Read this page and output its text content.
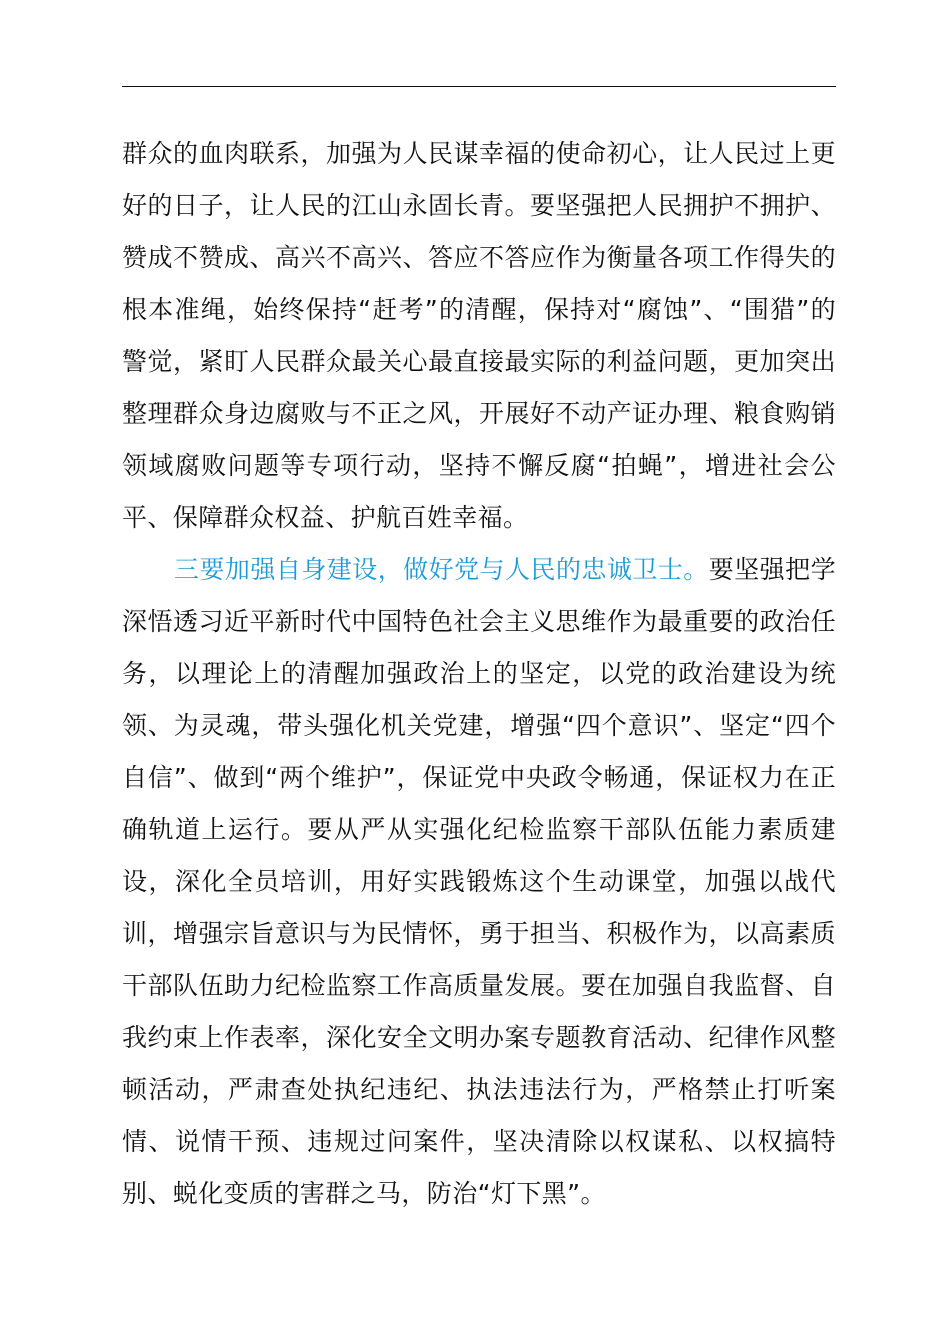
群众的血肉联系，加强为人民谋幸福的使命初心，让人民过上更好的日子，让人民的江山永固长青。要坚强把人民拥护不拥护、赞成不赞成、高兴不高兴、答应不答应作为衡量各项工作得失的根本准绳，始终保持“赶考”的清醒，保持对“腐蚀”、“围猎”的警觉，紧盯人民群众最关心最直接最实际的利益问题，更加突出整理群众身边腐败与不正之风，开展好不动产证办理、粮食购销领域腐败问题等专项行动，坚持不懈反腐“拍蝇”，增进社会公平、保障群众权益、护航百姓幸福。

三要加强自身建设，做好党与人民的忠诚卫士。要坚强把学深悟透习近平新时代中国特色社会主义思维作为最重要的政治任务，以理论上的清醒加强政治上的坚定，以党的政治建设为统领、为灵魂，带头强化机关党建，增强“四个意识”、坚定“四个自信”、做到“两个维护”，保证党中央政令畅通，保证权力在正确轨道上运行。要从严从实强化纪检监察干部队伍能力素质建设，深化全员培训，用好实践锻炼这个生动课堂，加强以战代训，增强宗旨意识与为民情怀，勇于担当、积极作为，以高素质干部队伍助力纪检监察工作高质量发展。要在加强自我监督、自我约束上作表率，深化安全文明办案专题教育活动、纪律作风整顿活动，严肃查处执纪违纪、执法违法行为，严格禁止打听案情、说情干预、违规过问案件，坚决清除以权谋私、以权搞特别、蜕化变质的害群之马，防治“灯下黑”。
